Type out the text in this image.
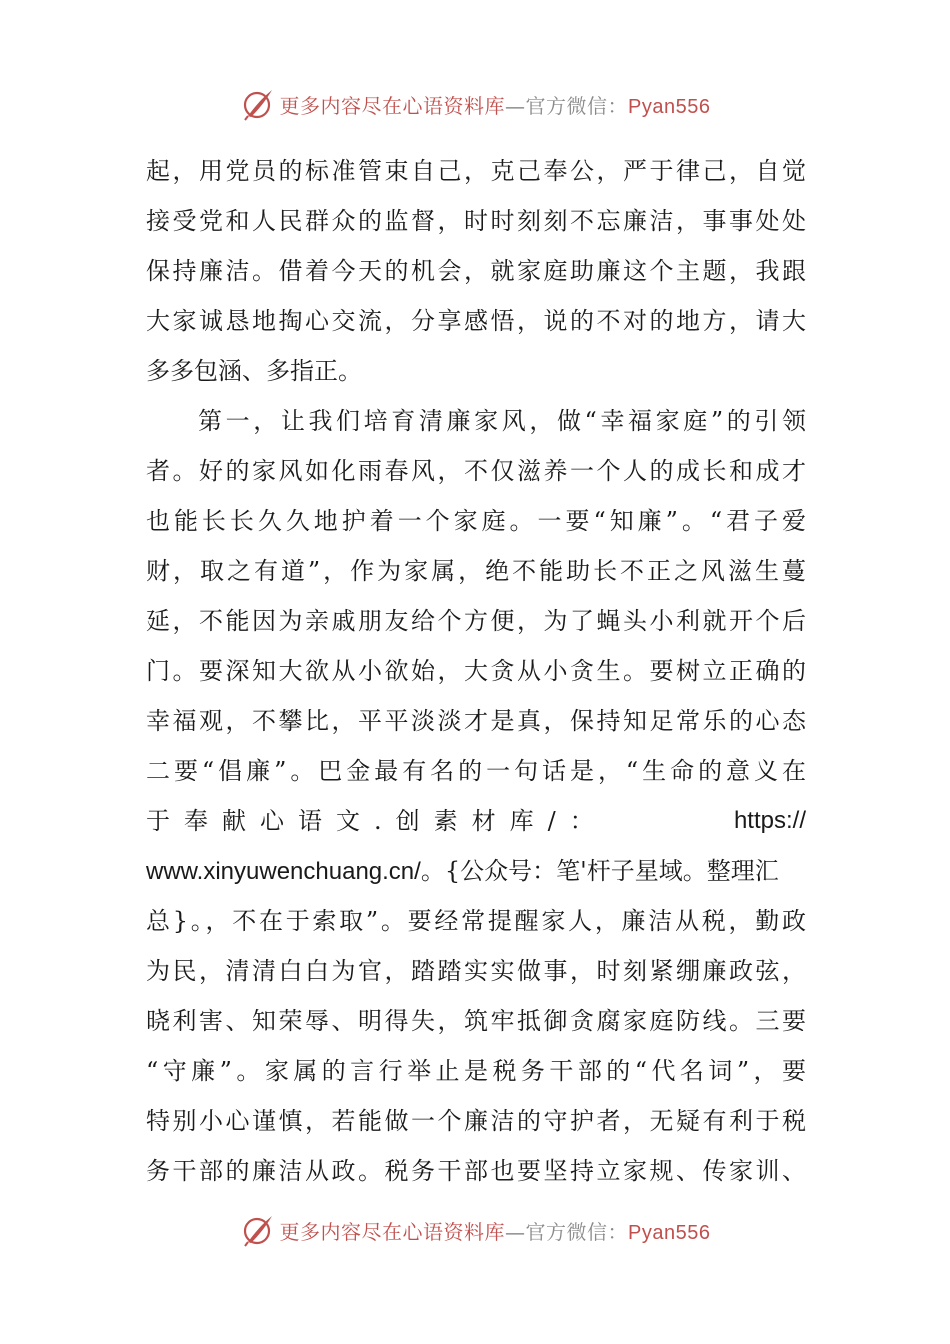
更多内容尽在心语资料库—官方微信：Pyan556
起，用党员的标准管束自己，克己奉公，严于律己，自觉
接受党和人民群众的监督，时时刻刻不忘廉洁，事事处处
保持廉洁。借着今天的机会，就家庭助廉这个主题，我跟
大家诚恳地掏心交流，分享感悟，说的不对的地方，请大
多多包涵、多指正。
第一，让我们培育清廉家风，做“幸福家庭”的引领
者。好的家风如化雨春风，不仅滋养一个人的成长和成才
也能长长久久地护着一个家庭。一要“知廉”。“君子爱
财，取之有道”，作为家属，绝不能助长不正之风滋生蔓
延，不能因为亲戚朋友给个方便，为了蝇头小利就开个后
门。要深知大欲从小欲始，大贪从小贪生。要树立正确的
幸福观，不攀比，平平淡淡才是真，保持知足常乐的心态
二要“倡廉”。巴金最有名的一句话是，“生命的意义在
于奉献心语文.创素材库/：	https://
www.xinyuwenchuang.cn/。{公众号：笔'杆子星域。整理汇
总}。，不在于索取”。要经常提醒家人，廉洁从税，勤政
为民，清清白白为官，踏踏实实做事，时刻紧绷廉政弦，
晓利害、知荣辱、明得失，筑牢抵御贪腐家庭防线。三要
“守廉”。家属的言行举止是税务干部的“代名词”，要
特别小心谨慎，若能做一个廉洁的守护者，无疑有利于税
务干部的廉洁从政。税务干部也要坚持立家规、传家训、
更多内容尽在心语资料库—官方微信：Pyan556
